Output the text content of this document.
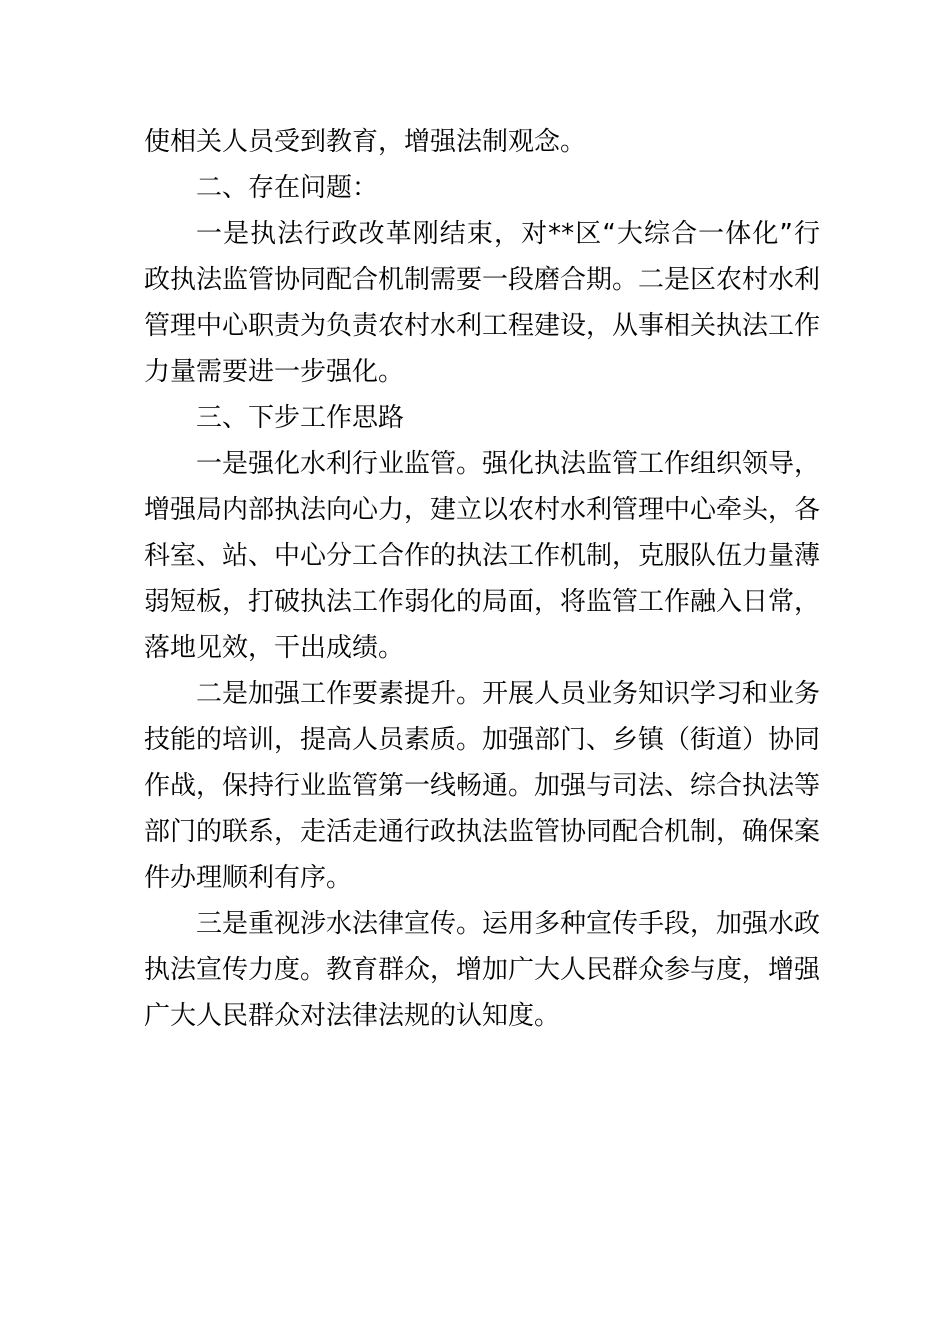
使相关人员受到教育，增强法制观念。

二、存在问题：

一是执法行政改革刚结束，对**区“大综合一体化”行政执法监管协同配合机制需要一段磨合期。二是区农村水利管理中心职责为负责农村水利工程建设，从事相关执法工作力量需要进一步强化。

三、下步工作思路

一是强化水利行业监管。强化执法监管工作组织领导，增强局内部执法向心力，建立以农村水利管理中心牵头，各科室、站、中心分工合作的执法工作机制，克服队伍力量薄弱短板，打破执法工作弱化的局面，将监管工作融入日常， 落地见效，干出成绩。

二是加强工作要素提升。开展人员业务知识学习和业务技能的培训，提高人员素质。加强部门、乡镇（街道）协同作战，保持行业监管第一线畅通。加强与司法、综合执法等部门的联系，走活走通行政执法监管协同配合机制，确保案件办理顺利有序。

三是重视涉水法律宣传。运用多种宣传手段，加强水政执法宣传力度。教育群众，增加广大人民群众参与度，增强广大人民群众对法律法规的认知度。
